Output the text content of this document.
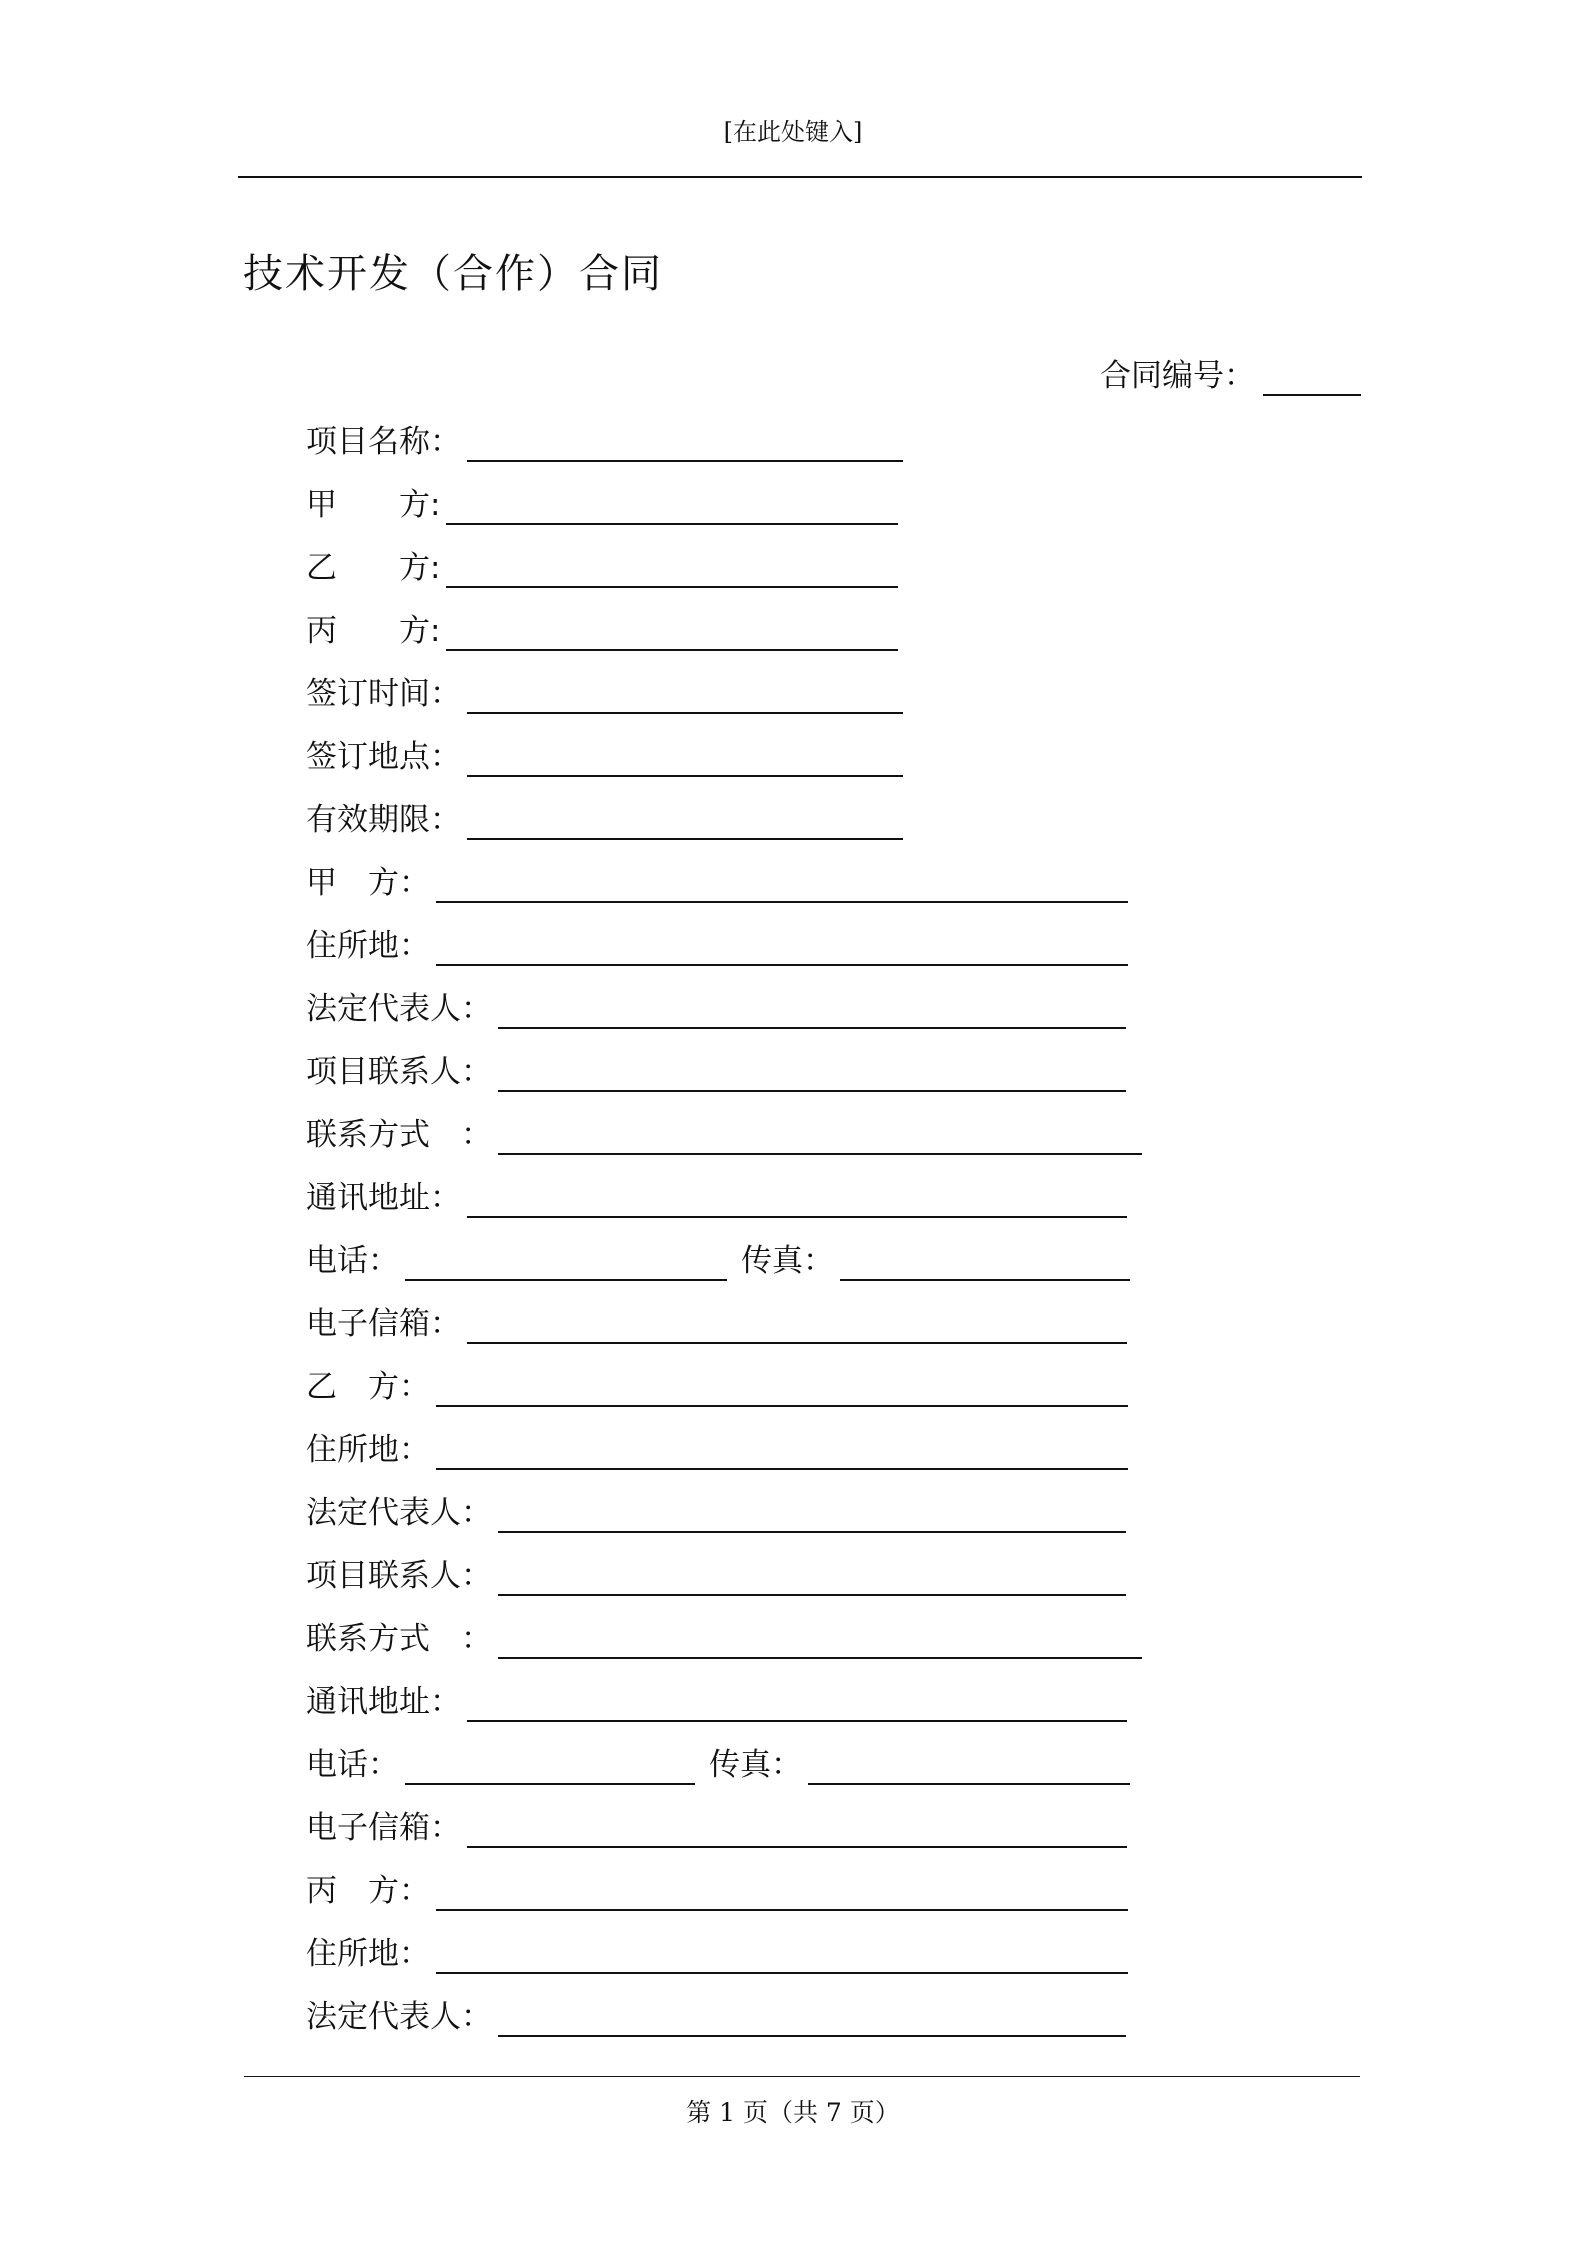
[在此处键入]
技术开发（合作）合同
合同编号：
项目名称：
甲　　方:
乙　　方:
丙　　方:
签订时间：
签订地点：
有效期限：
甲　方：
住所地：
法定代表人：
项目联系人：
联系方式　：
通讯地址：
电话：	传真：
电子信箱：
乙　方：
住所地：
法定代表人：
项目联系人：
联系方式　：
通讯地址：
电话：	传真：
电子信箱：
丙　方：
住所地：
法定代表人：
第 1 页（共 7 页）
